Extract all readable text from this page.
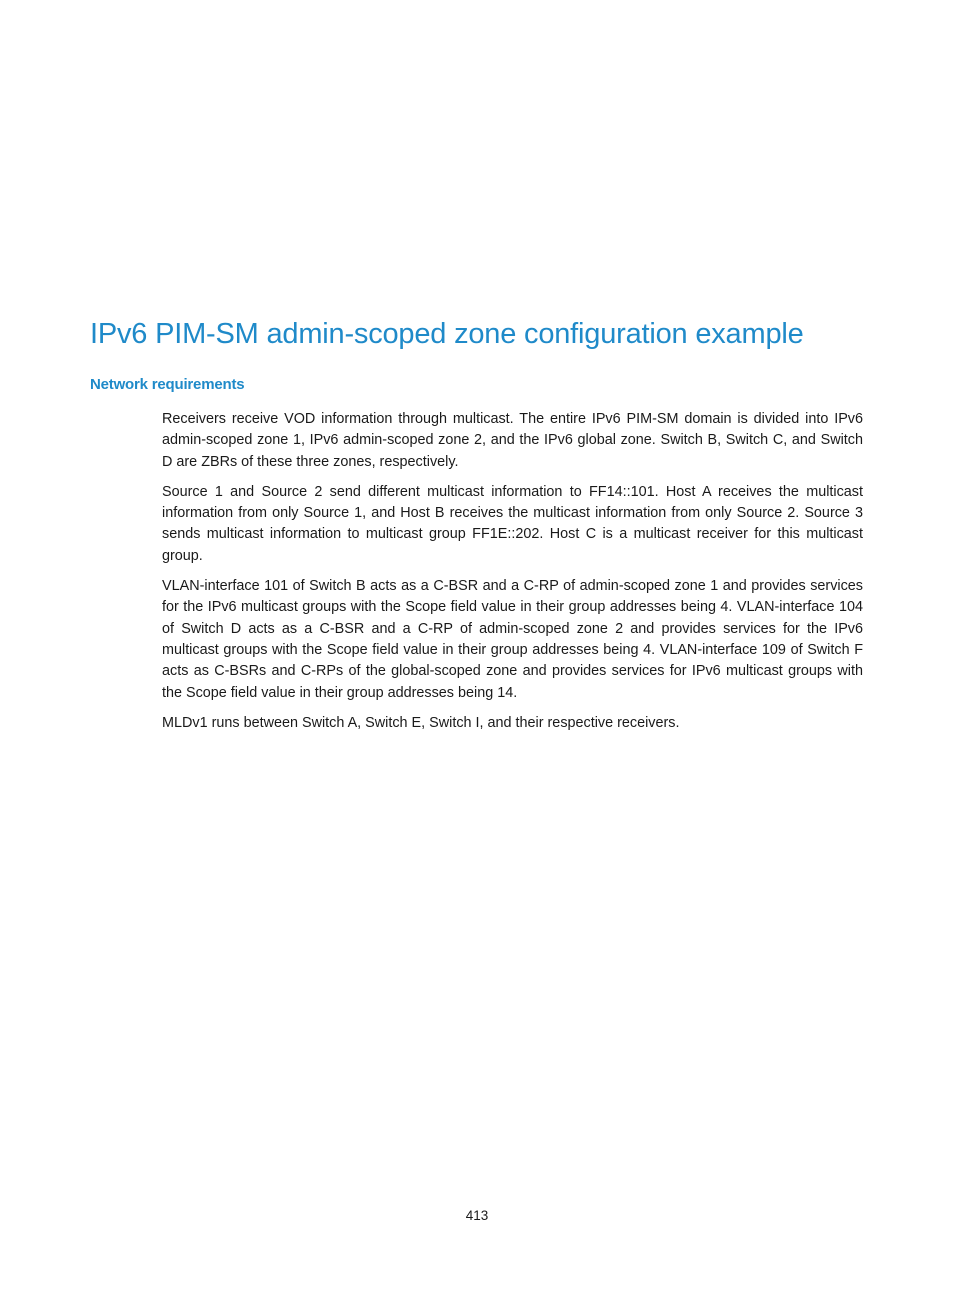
IPv6 PIM-SM admin-scoped zone configuration example
Network requirements

Receivers receive VOD information through multicast. The entire IPv6 PIM-SM domain is divided into IPv6 admin-scoped zone 1, IPv6 admin-scoped zone 2, and the IPv6 global zone. Switch B, Switch C, and Switch D are ZBRs of these three zones, respectively.

Source 1 and Source 2 send different multicast information to FF14::101. Host A receives the multicast information from only Source 1, and Host B receives the multicast information from only Source 2. Source 3 sends multicast information to multicast group FF1E::202. Host C is a multicast receiver for this multicast group.

VLAN-interface 101 of Switch B acts as a C-BSR and a C-RP of admin-scoped zone 1 and provides services for the IPv6 multicast groups with the Scope field value in their group addresses being 4. VLAN-interface 104 of Switch D acts as a C-BSR and a C-RP of admin-scoped zone 2 and provides services for the IPv6 multicast groups with the Scope field value in their group addresses being 4. VLAN-interface 109 of Switch F acts as C-BSRs and C-RPs of the global-scoped zone and provides services for IPv6 multicast groups with the Scope field value in their group addresses being 14.

MLDv1 runs between Switch A, Switch E, Switch I, and their respective receivers.

413
